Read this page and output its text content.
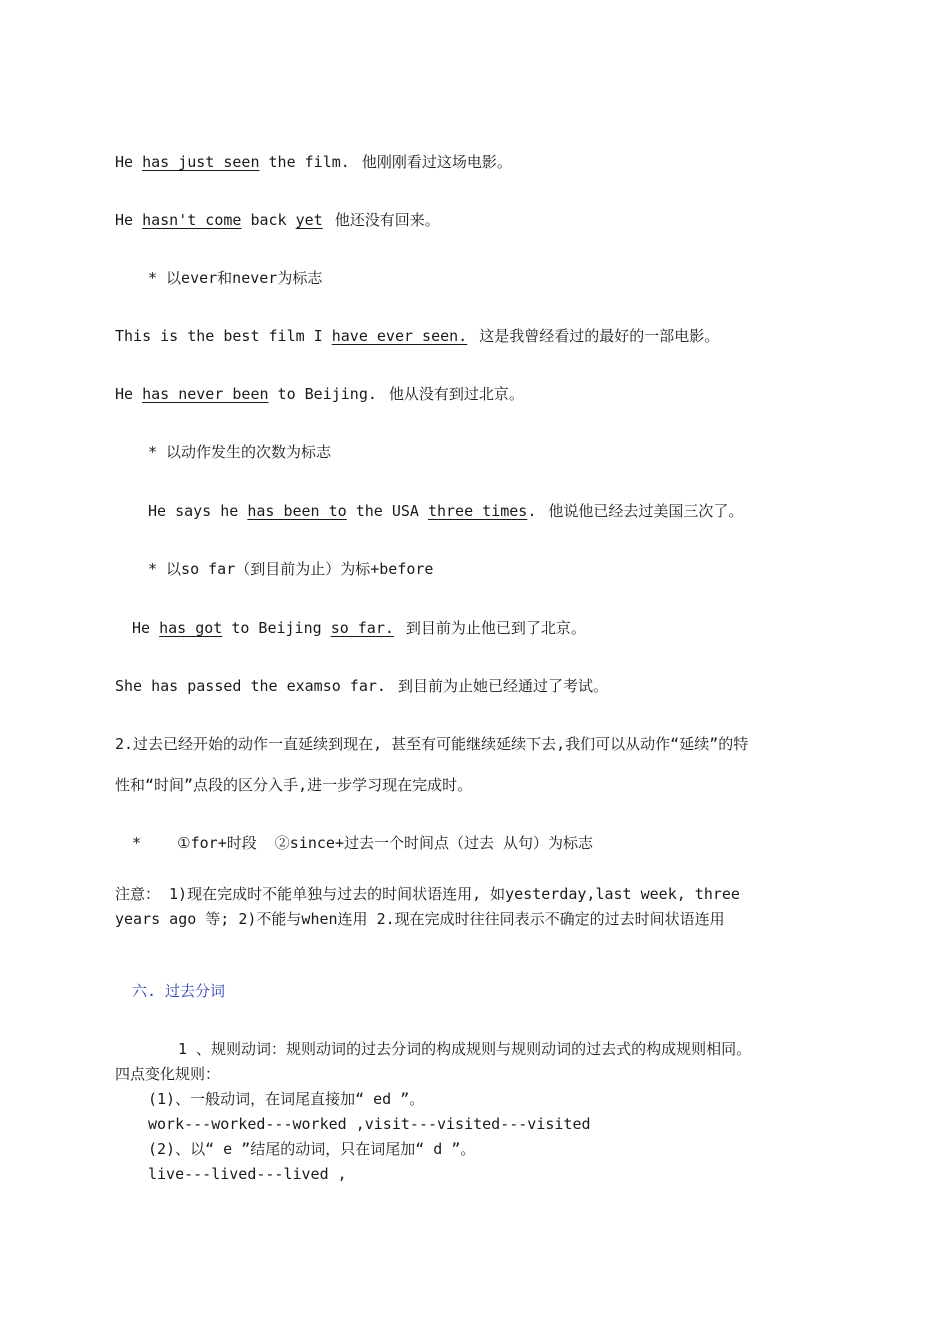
He has just seen the film. 他刚刚看过这场电影。
He hasn't come back yet 他还没有回来。
* 以ever和never为标志
This is the best film I have ever seen. 这是我曾经看过的最好的一部电影。
He has never been to Beijing. 他从没有到过北京。
* 以动作发生的次数为标志
He says he has been to the USA three times. 他说他已经去过美国三次了。
* 以so far（到目前为止）为标+before
He has got to Beijing so far. 到目前为止他已到了北京。
She has passed the examso far. 到目前为止她已经通过了考试。
2.过去已经开始的动作一直延续到现在, 甚至有可能继续延续下去,我们可以从动作“延续”的特
性和“时间”点段的区分入手,进一步学习现在完成时。
*    ①for+时段  ②since+过去一个时间点（过去 从句）为标志
注意： 1)现在完成时不能单独与过去的时间状语连用, 如yesterday,last week, three
years ago 等; 2)不能与when连用 2.现在完成时往往同表示不确定的过去时间状语连用
六. 过去分词
1 、规则动词：规则动词的过去分词的构成规则与规则动词的过去式的构成规则相同。
四点变化规则：
(1)、一般动词，在词尾直接加“ ed ”。
work---worked---worked ,visit---visited---visited
(2)、以“ e ”结尾的动词，只在词尾加“ d ”。
live---lived---lived ,
